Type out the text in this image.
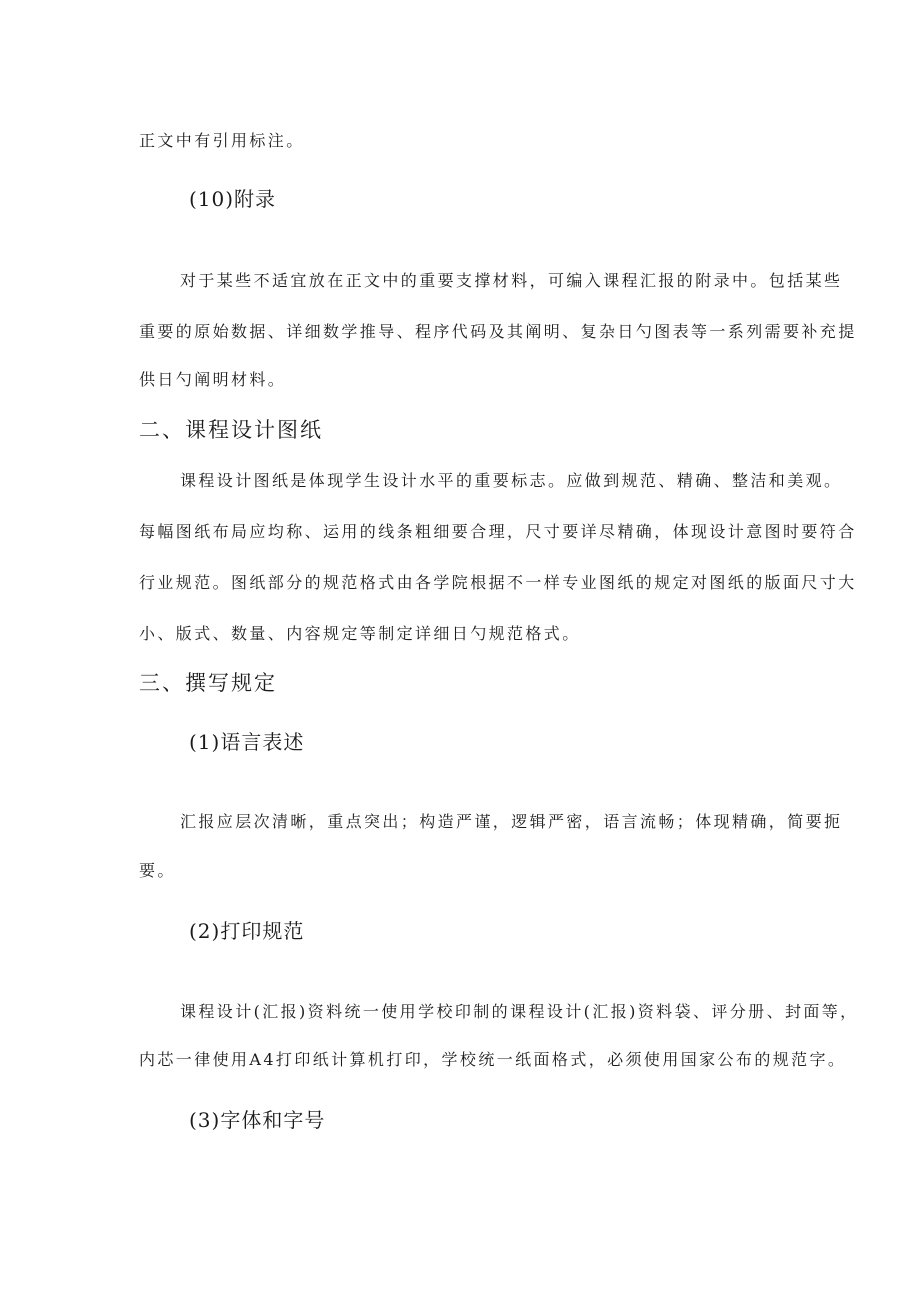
正文中有引用标注。
(10)附录
对于某些不适宜放在正文中的重要支撑材料，可编入课程汇报的附录中。包括某些
重要的原始数据、详细数学推导、程序代码及其阐明、复杂日勺图表等一系列需要补充提
供日勺阐明材料。
二、课程设计图纸
课程设计图纸是体现学生设计水平的重要标志。应做到规范、精确、整洁和美观。
每幅图纸布局应均称、运用的线条粗细要合理，尺寸要详尽精确，体现设计意图时要符合
行业规范。图纸部分的规范格式由各学院根据不一样专业图纸的规定对图纸的版面尺寸大
小、版式、数量、内容规定等制定详细日勺规范格式。
三、撰写规定
(1)语言表述
汇报应层次清晰，重点突出；构造严谨，逻辑严密，语言流畅；体现精确，简要扼
要。
(2)打印规范
课程设计(汇报)资料统一使用学校印制的课程设计(汇报)资料袋、评分册、封面等，
内芯一律使用A4打印纸计算机打印，学校统一纸面格式，必须使用国家公布的规范字。
(3)字体和字号
